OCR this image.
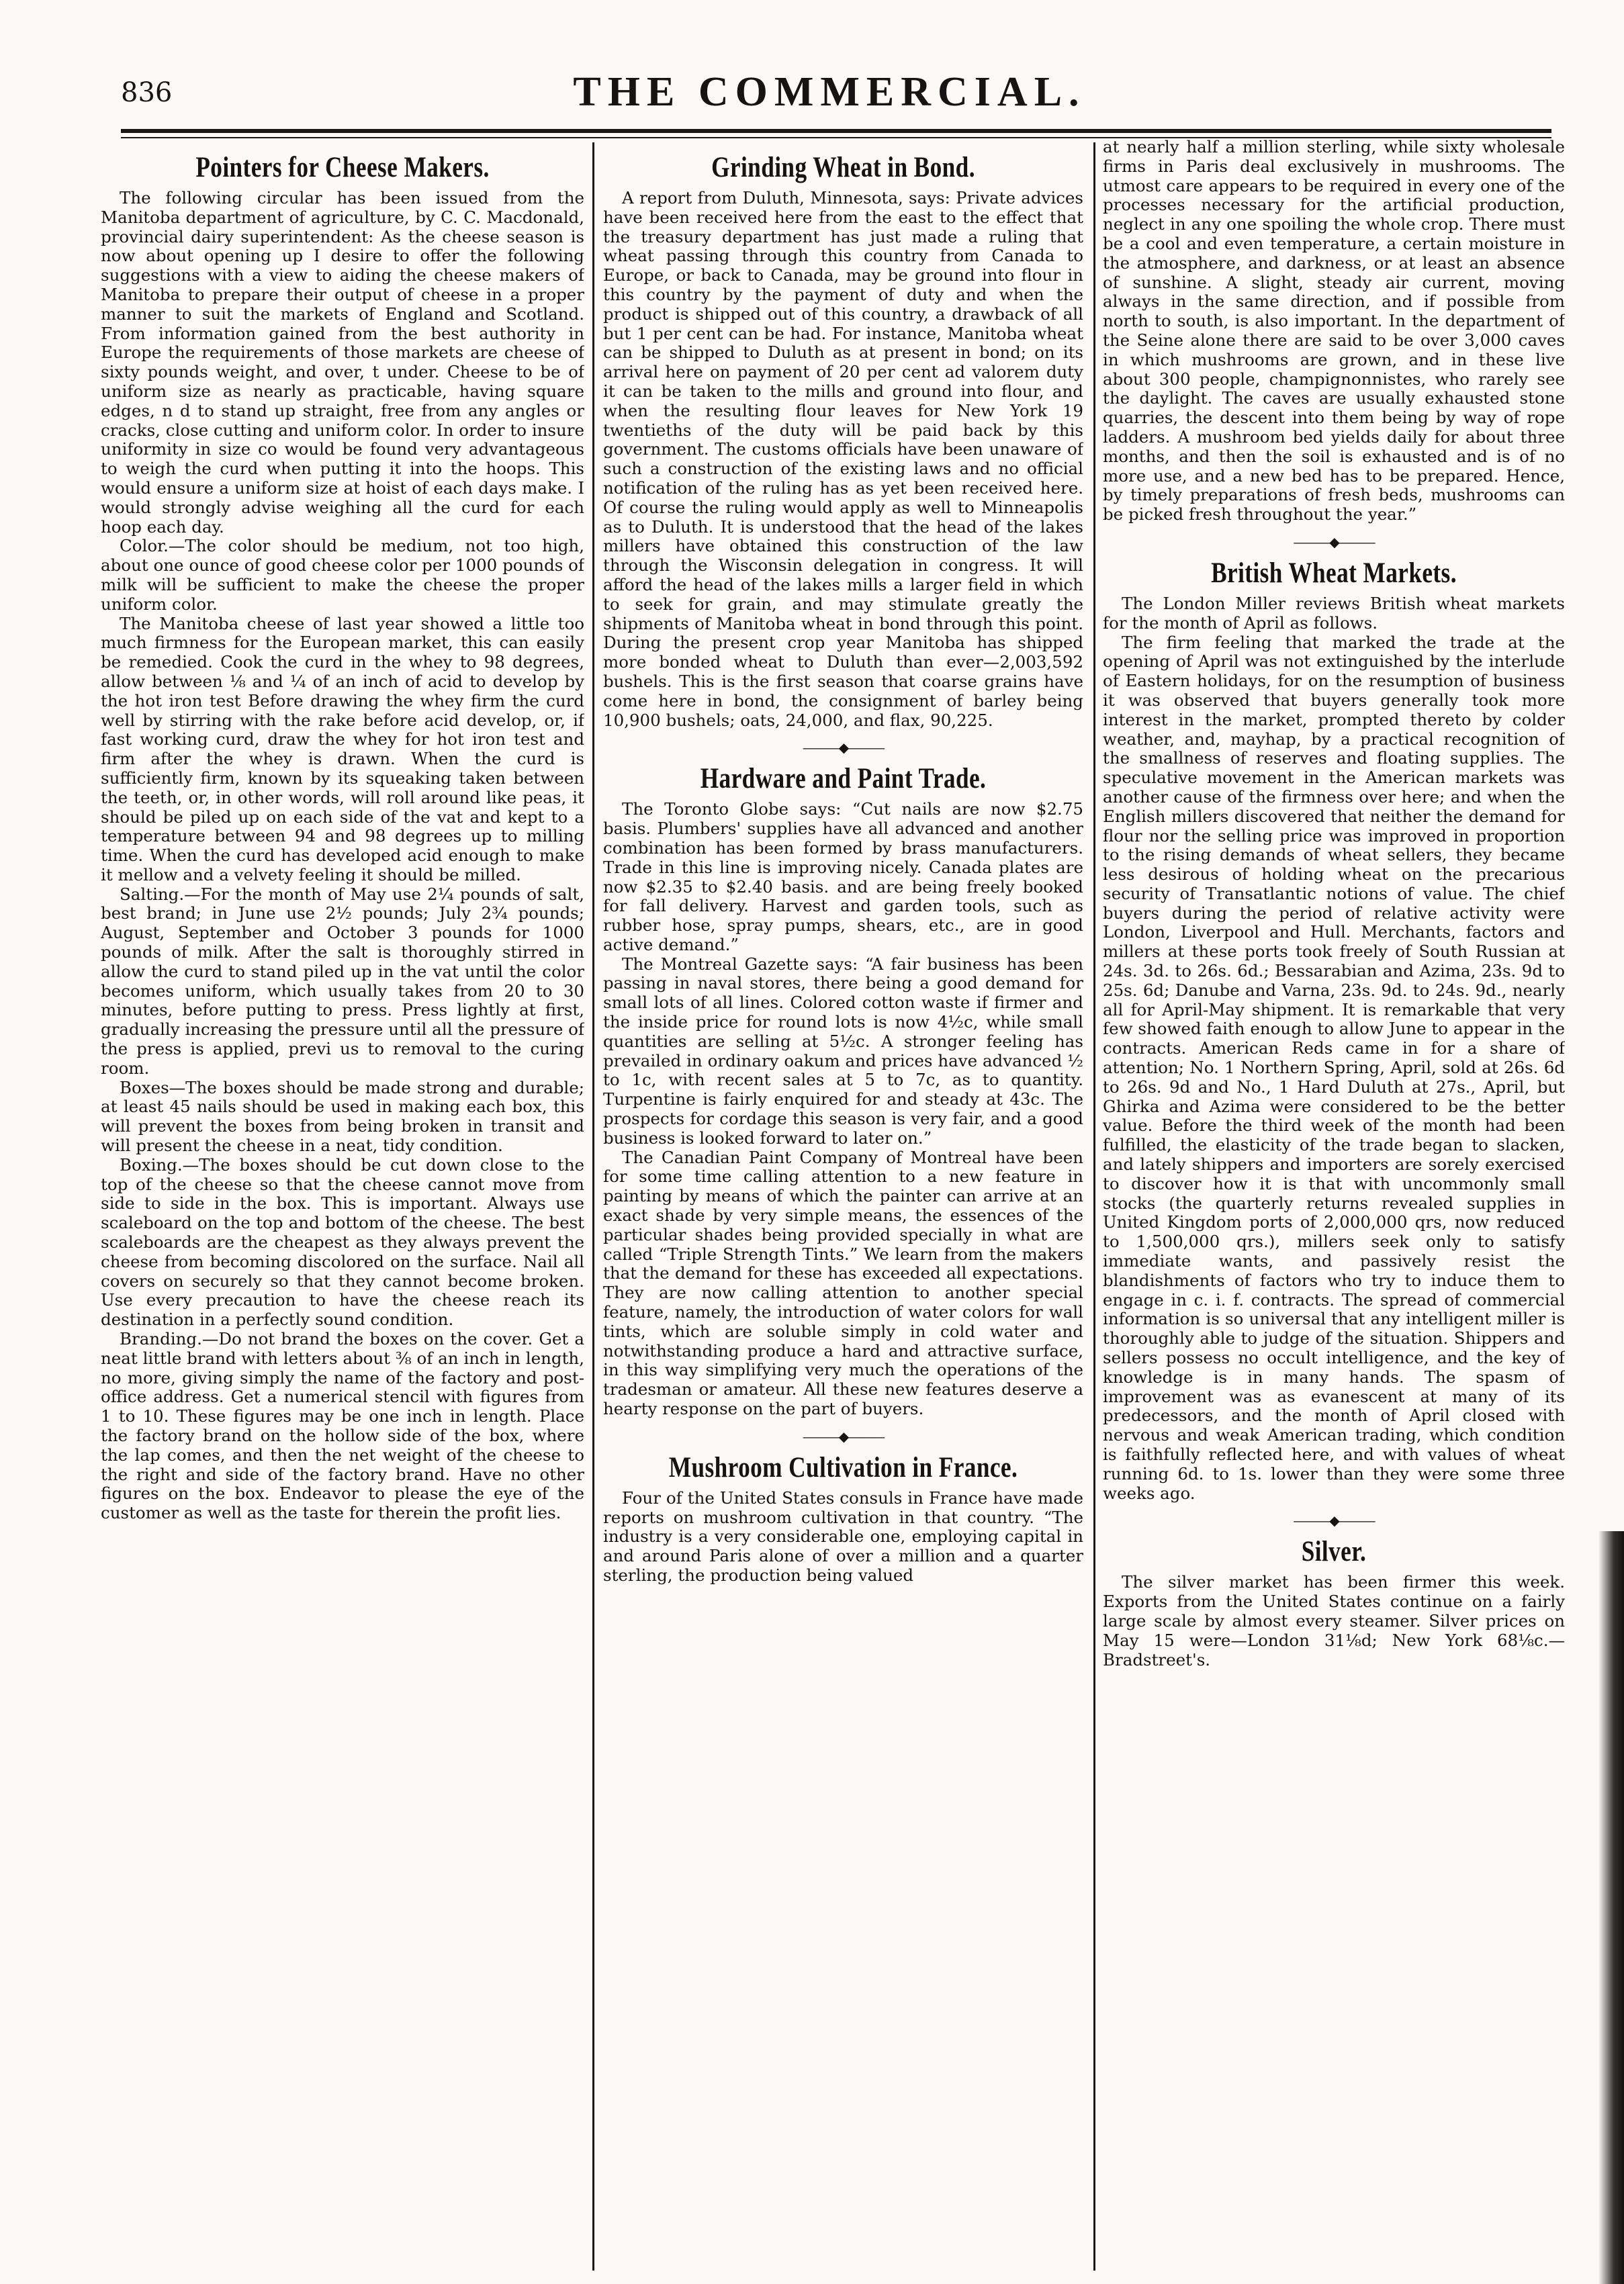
836	THE COMMERCIAL.
Pointers for Cheese Makers.

The following circular has been issued from the Manitoba department of agriculture, by C. C. Macdonald, provincial dairy superintendent: As the cheese season is now about opening up I desire to offer the following suggestions with a view to aiding the cheese makers of Manitoba to prepare their output of cheese in a proper manner to suit the markets of England and Scotland. From information gained from the best authority in Europe the requirements of those markets are cheese of sixty pounds weight, and over, t under. Cheese to be of uniform size as nearly as practicable, having square edges, n d to stand up straight, free from any angles or cracks, close cutting and uniform color. In order to insure uniformity in size co would be found very advantageous to weigh the curd when putting it into the hoops. This would ensure a uniform size at hoist of each days make. I would strongly advise weighing all the curd for each hoop each day.

Color.—The color should be medium, not too high, about one ounce of good cheese color per 1000 pounds of milk will be sufficient to make the cheese the proper uniform color.

The Manitoba cheese of last year showed a little too much firmness for the European market, this can easily be remedied. Cook the curd in the whey to 98 degrees, allow between ⅛ and ¼ of an inch of acid to develop by the hot iron test Before drawing the whey firm the curd well by stirring with the rake before acid develop, or, if fast working curd, draw the whey for hot iron test and firm after the whey is drawn. When the curd is sufficiently firm, known by its squeaking taken between the teeth, or, in other words, will roll around like peas, it should be piled up on each side of the vat and kept to a temperature between 94 and 98 degrees up to milling time. When the curd has developed acid enough to make it mellow and a velvety feeling it should be milled.

Salting.—For the month of May use 2¼ pounds of salt, best brand; in June use 2½ pounds; July 2¾ pounds; August, September and October 3 pounds for 1000 pounds of milk. After the salt is thoroughly stirred in allow the curd to stand piled up in the vat until the color becomes uniform, which usually takes from 20 to 30 minutes, before putting to press. Press lightly at first, gradually increasing the pressure until all the pressure of the press is applied, previ us to removal to the curing room.

Boxes—The boxes should be made strong and durable; at least 45 nails should be used in making each box, this will prevent the boxes from being broken in transit and will present the cheese in a neat, tidy condition.

Boxing.—The boxes should be cut down close to the top of the cheese so that the cheese cannot move from side to side in the box. This is important. Always use scaleboard on the top and bottom of the cheese. The best scaleboards are the cheapest as they always prevent the cheese from becoming discolored on the surface. Nail all covers on securely so that they cannot become broken. Use every precaution to have the cheese reach its destination in a perfectly sound condition.

Branding.—Do not brand the boxes on the cover. Get a neat little brand with letters about ⅜ of an inch in length, no more, giving simply the name of the factory and post-office address. Get a numerical stencil with figures from 1 to 10. These figures may be one inch in length. Place the factory brand on the hollow side of the box, where the lap comes, and then the net weight of the cheese to the right and side of the factory brand. Have no other figures on the box. Endeavor to please the eye of the customer as well as the taste for therein the profit lies.

Grinding Wheat in Bond.

A report from Duluth, Minnesota, says: Private advices have been received here from the east to the effect that the treasury department has just made a ruling that wheat passing through this country from Canada to Europe, or back to Canada, may be ground into flour in this country by the payment of duty and when the product is shipped out of this country, a drawback of all but 1 per cent can be had. For instance, Manitoba wheat can be shipped to Duluth as at present in bond; on its arrival here on payment of 20 per cent ad valorem duty it can be taken to the mills and ground into flour, and when the resulting flour leaves for New York 19 twentieths of the duty will be paid back by this government. The customs officials have been unaware of such a construction of the existing laws and no official notification of the ruling has as yet been received here. Of course the ruling would apply as well to Minneapolis as to Duluth. It is understood that the head of the lakes millers have obtained this construction of the law through the Wisconsin delegation in congress. It will afford the head of the lakes mills a larger field in which to seek for grain, and may stimulate greatly the shipments of Manitoba wheat in bond through this point. During the present crop year Manitoba has shipped more bonded wheat to Duluth than ever—2,003,592 bushels. This is the first season that coarse grains have come here in bond, the consignment of barley being 10,900 bushels; oats, 24,000, and flax, 90,225.

———◆———
Hardware and Paint Trade.

The Toronto Globe says: “Cut nails are now $2.75 basis. Plumbers' supplies have all advanced and another combination has been formed by brass manufacturers. Trade in this line is improving nicely. Canada plates are now $2.35 to $2.40 basis. and are being freely booked for fall delivery. Harvest and garden tools, such as rubber hose, spray pumps, shears, etc., are in good active demand.”

The Montreal Gazette says: “A fair business has been passing in naval stores, there being a good demand for small lots of all lines. Colored cotton waste if firmer and the inside price for round lots is now 4½c, while small quantities are selling at 5½c. A stronger feeling has prevailed in ordinary oakum and prices have advanced ½ to 1c, with recent sales at 5 to 7c, as to quantity. Turpentine is fairly enquired for and steady at 43c. The prospects for cordage this season is very fair, and a good business is looked forward to later on.”

The Canadian Paint Company of Montreal have been for some time calling attention to a new feature in painting by means of which the painter can arrive at an exact shade by very simple means, the essences of the particular shades being provided specially in what are called “Triple Strength Tints.” We learn from the makers that the demand for these has exceeded all expectations. They are now calling attention to another special feature, namely, the introduction of water colors for wall tints, which are soluble simply in cold water and notwithstanding produce a hard and attractive surface, in this way simplifying very much the operations of the tradesman or amateur. All these new features deserve a hearty response on the part of buyers.

———◆———
Mushroom Cultivation in France.

Four of the United States consuls in France have made reports on mushroom cultivation in that country. “The industry is a very considerable one, employing capital in and around Paris alone of over a million and a quarter sterling, the production being valued

at nearly half a million sterling, while sixty wholesale firms in Paris deal exclusively in mushrooms. The utmost care appears to be required in every one of the processes necessary for the artificial production, neglect in any one spoiling the whole crop. There must be a cool and even temperature, a certain moisture in the atmosphere, and darkness, or at least an absence of sunshine. A slight, steady air current, moving always in the same direction, and if possible from north to south, is also important. In the department of the Seine alone there are said to be over 3,000 caves in which mushrooms are grown, and in these live about 300 people, champignonnistes, who rarely see the daylight. The caves are usually exhausted stone quarries, the descent into them being by way of rope ladders. A mushroom bed yields daily for about three months, and then the soil is exhausted and is of no more use, and a new bed has to be prepared. Hence, by timely preparations of fresh beds, mushrooms can be picked fresh throughout the year.”

———◆———
British Wheat Markets.

The London Miller reviews British wheat markets for the month of April as follows.

The firm feeling that marked the trade at the opening of April was not extinguished by the interlude of Eastern holidays, for on the resumption of business it was observed that buyers generally took more interest in the market, prompted thereto by colder weather, and, mayhap, by a practical recognition of the smallness of reserves and floating supplies. The speculative movement in the American markets was another cause of the firmness over here; and when the English millers discovered that neither the demand for flour nor the selling price was improved in proportion to the rising demands of wheat sellers, they became less desirous of holding wheat on the precarious security of Transatlantic notions of value. The chief buyers during the period of relative activity were London, Liverpool and Hull. Merchants, factors and millers at these ports took freely of South Russian at 24s. 3d. to 26s. 6d.; Bessarabian and Azima, 23s. 9d to 25s. 6d; Danube and Varna, 23s. 9d. to 24s. 9d., nearly all for April-May shipment. It is remarkable that very few showed faith enough to allow June to appear in the contracts. American Reds came in for a share of attention; No. 1 Northern Spring, April, sold at 26s. 6d to 26s. 9d and No., 1 Hard Duluth at 27s., April, but Ghirka and Azima were considered to be the better value. Before the third week of the month had been fulfilled, the elasticity of the trade began to slacken, and lately shippers and importers are sorely exercised to discover how it is that with uncommonly small stocks (the quarterly returns revealed supplies in United Kingdom ports of 2,000,000 qrs, now reduced to 1,500,000 qrs.), millers seek only to satisfy immediate wants, and passively resist the blandishments of factors who try to induce them to engage in c. i. f. contracts. The spread of commercial information is so universal that any intelligent miller is thoroughly able to judge of the situation. Shippers and sellers possess no occult intelligence, and the key of knowledge is in many hands. The spasm of improvement was as evanescent at many of its predecessors, and the month of April closed with nervous and weak American trading, which condition is faithfully reflected here, and with values of wheat running 6d. to 1s. lower than they were some three weeks ago.

———◆———
Silver.

The silver market has been firmer this week. Exports from the United States continue on a fairly large scale by almost every steamer. Silver prices on May 15 were—London 31⅛d; New York 68⅛c.—Bradstreet's.
